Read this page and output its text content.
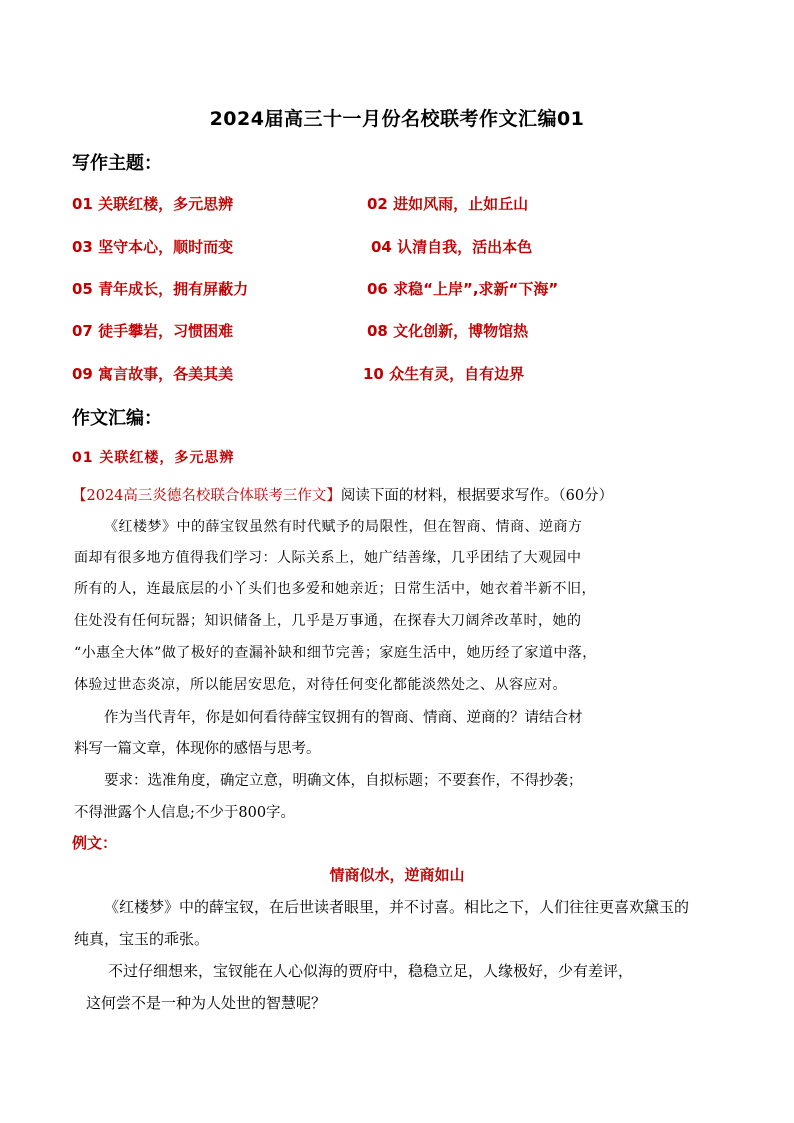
2024届高三十一月份名校联考作文汇编01
写作主题：
01 关联红楼，多元思辨	02 进如风雨，止如丘山
03 坚守本心，顺时而变	04 认清自我，活出本色
05 青年成长，拥有屏蔽力	06 求稳“上岸”,求新“下海”
07 徒手攀岩，习惯困难	08 文化创新，博物馆热
09 寓言故事，各美其美	10 众生有灵，自有边界
作文汇编：
01 关联红楼，多元思辨
【2024高三炎德名校联合体联考三作文】阅读下面的材料，根据要求写作。（60分）
《红楼梦》中的薛宝钗虽然有时代赋予的局限性，但在智商、情商、逆商方
面却有很多地方值得我们学习：人际关系上，她广结善缘，几乎团结了大观园中
所有的人，连最底层的小丫头们也多爱和她亲近；日常生活中，她衣着半新不旧，
住处没有任何玩器；知识储备上，几乎是万事通，在探春大刀阔斧改革时，她的
“小惠全大体”做了极好的查漏补缺和细节完善；家庭生活中，她历经了家道中落，
体验过世态炎凉，所以能居安思危，对待任何变化都能淡然处之、从容应对。
作为当代青年，你是如何看待薛宝钗拥有的智商、情商、逆商的？请结合材
料写一篇文章，体现你的感悟与思考。
要求：选准角度，确定立意，明确文体，自拟标题；不要套作，不得抄袭；
不得泄露个人信息;不少于800字。
例文：
情商似水，逆商如山
《红楼梦》中的薛宝钗，在后世读者眼里，并不讨喜。相比之下，人们往往更喜欢黛玉的
纯真，宝玉的乖张。
不过仔细想来，宝钗能在人心似海的贾府中，稳稳立足，人缘极好，少有差评，
这何尝不是一种为人处世的智慧呢？
